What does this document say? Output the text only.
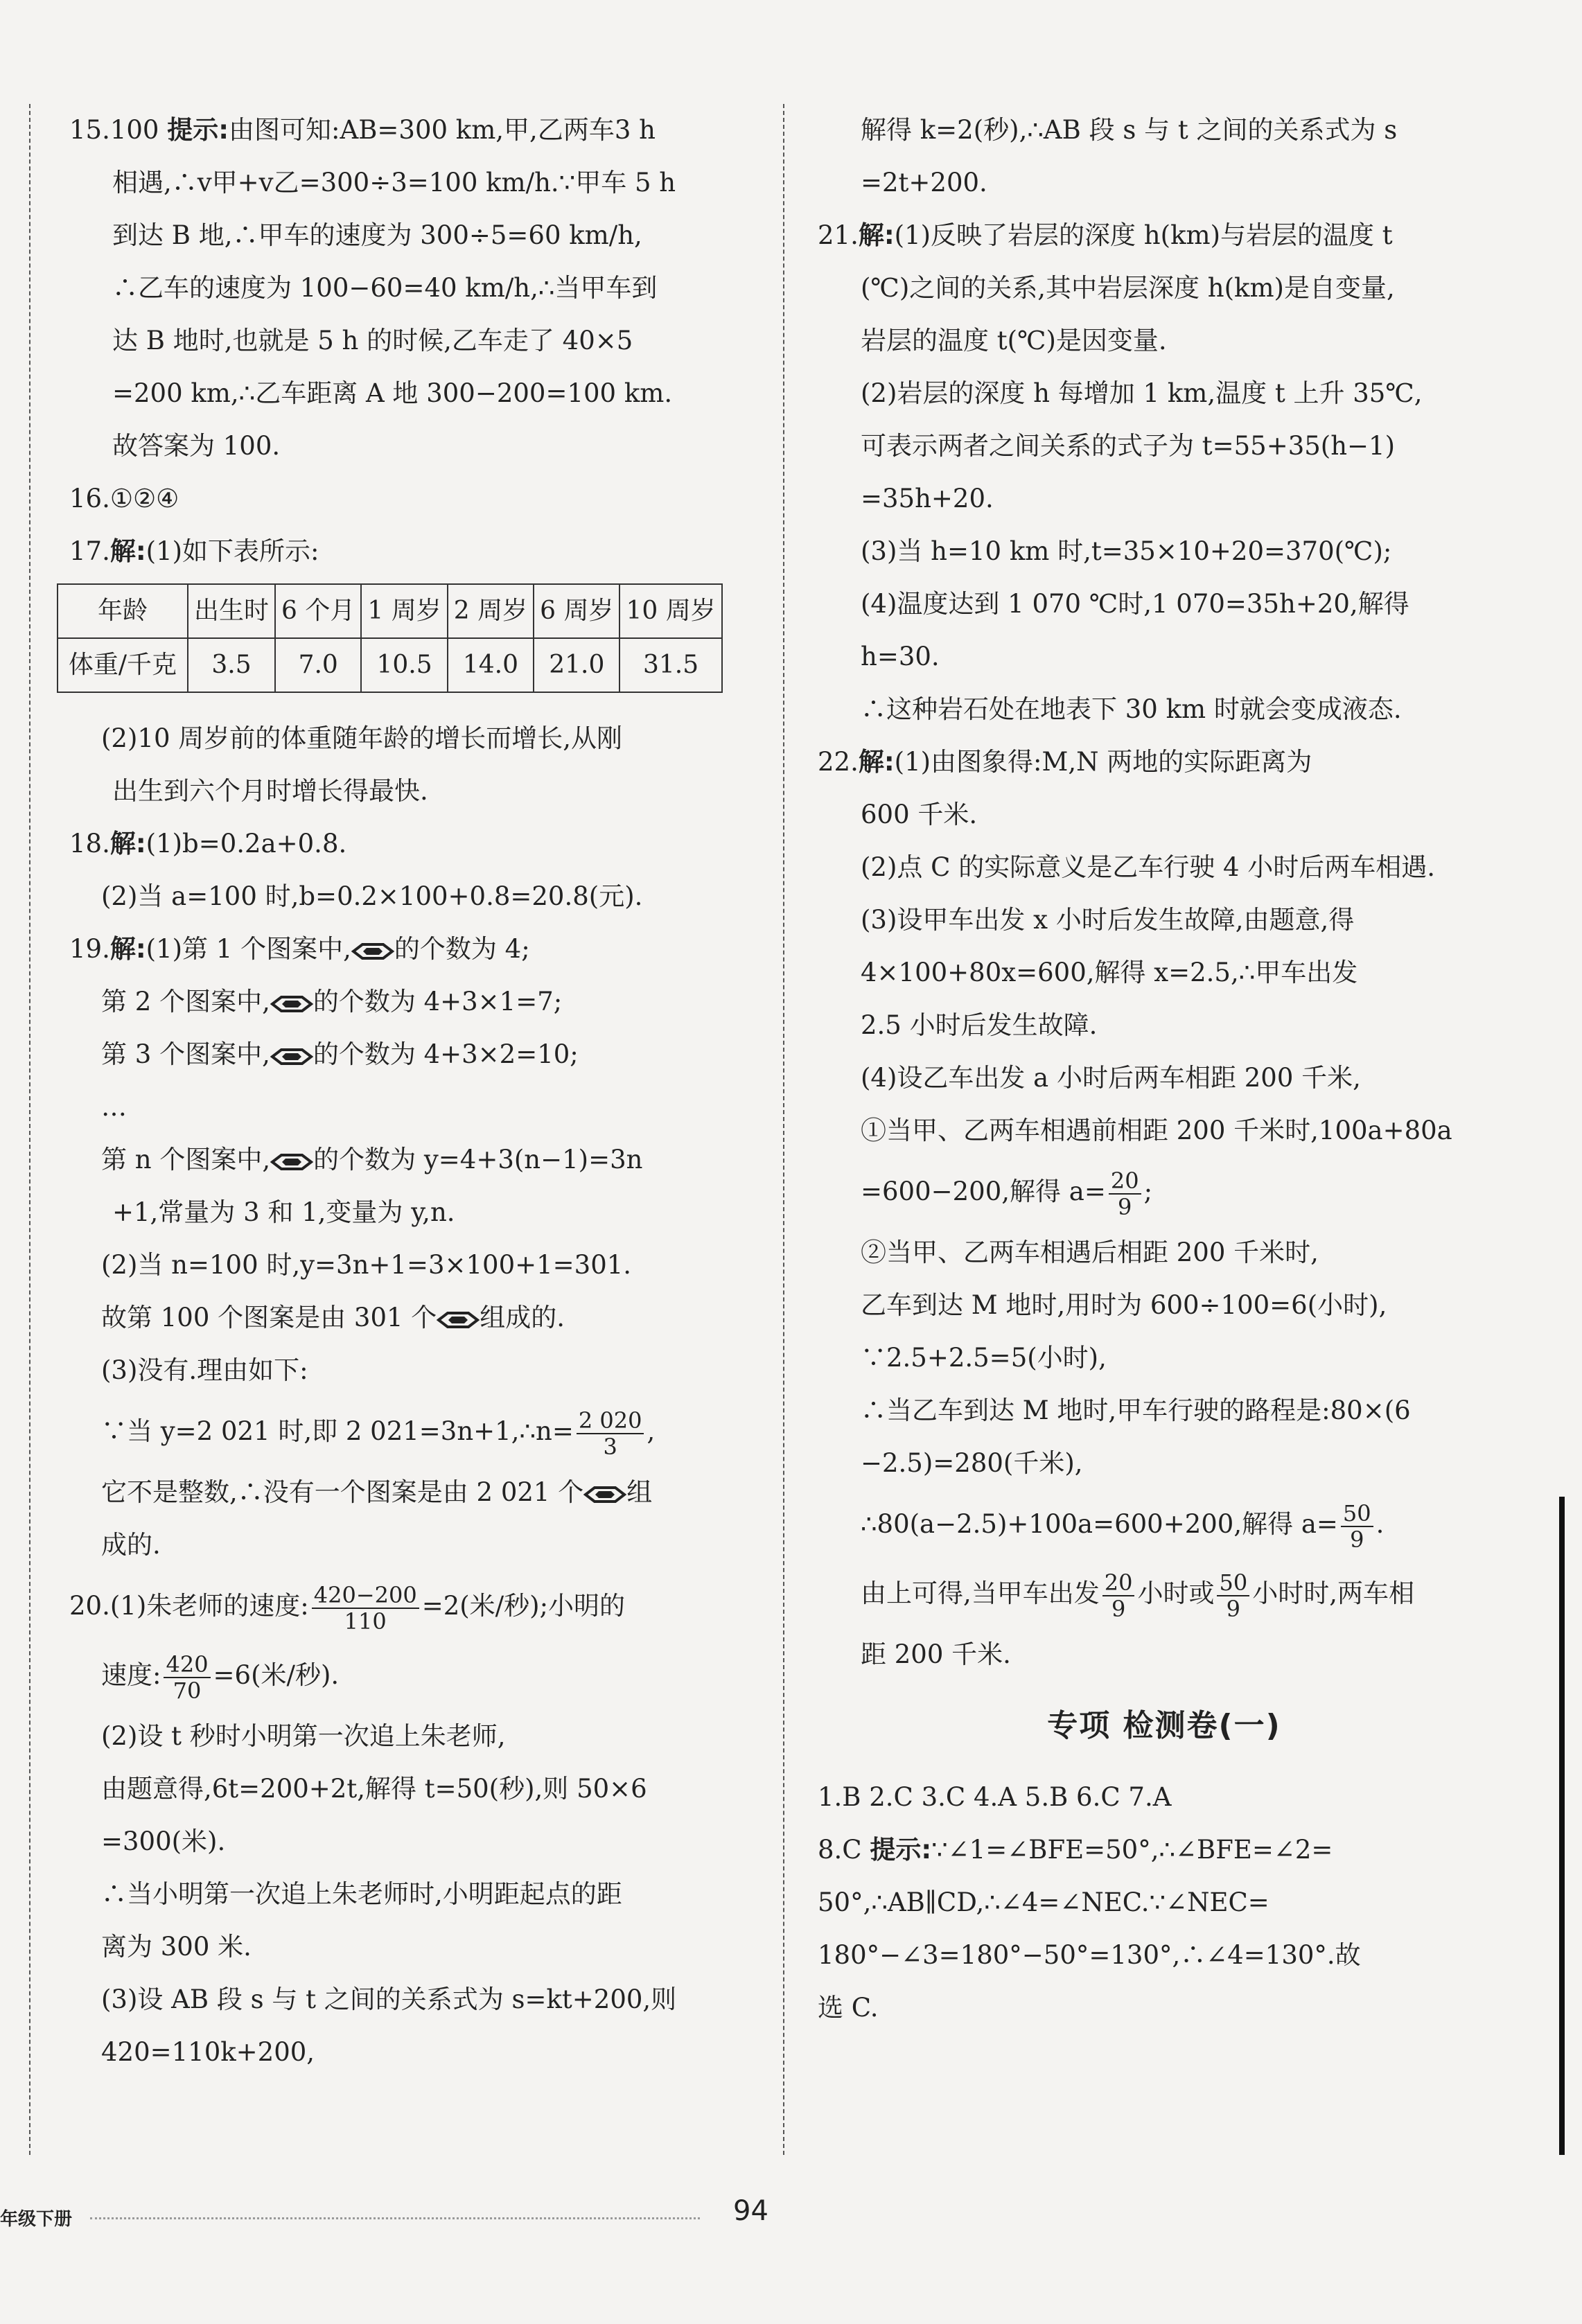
15.100 提示:由图可知:AB=300 km,甲,乙两车3 h
相遇,∴v甲+v乙=300÷3=100 km/h.∵甲车 5 h
到达 B 地,∴甲车的速度为 300÷5=60 km/h,
∴乙车的速度为 100−60=40 km/h,∴当甲车到
达 B 地时,也就是 5 h 的时候,乙车走了 40×5
=200 km,∴乙车距离 A 地 300−200=100 km.
故答案为 100.
16.①②④
17.解:(1)如下表所示:
年龄	出生时	6 个月	1 周岁	2 周岁	6 周岁	10 周岁
体重/千克	3.5	7.0	10.5	14.0	21.0	31.5
(2)10 周岁前的体重随年龄的增长而增长,从刚
出生到六个月时增长得最快.
18.解:(1)b=0.2a+0.8.
(2)当 a=100 时,b=0.2×100+0.8=20.8(元).
19.解:(1)第 1 个图案中, 的个数为 4;
第 2 个图案中, 的个数为 4+3×1=7;
第 3 个图案中, 的个数为 4+3×2=10;
…
第 n 个图案中, 的个数为 y=4+3(n−1)=3n
+1,常量为 3 和 1,变量为 y,n.
(2)当 n=100 时,y=3n+1=3×100+1=301.
故第 100 个图案是由 301 个 组成的.
(3)没有.理由如下:
∵当 y=2 021 时,即 2 021=3n+1,∴n= $\frac{2 020}{3}$ ,
它不是整数,∴没有一个图案是由 2 021 个 组
成的.
20.(1)朱老师的速度: $\frac{420-200}{110} =2$(米/秒);小明的
速度: $\frac{420}{70} =6$(米/秒).
(2)设 t 秒时小明第一次追上朱老师,
由题意得,6t=200+2t,解得 t=50(秒),则 50×6
=300(米).
∴当小明第一次追上朱老师时,小明距起点的距
离为 300 米.
(3)设 AB 段 s 与 t 之间的关系式为 s=kt+200,则
420=110k+200,
解得 k=2(秒),∴AB 段 s 与 t 之间的关系式为 s
=2t+200.
21.解:(1)反映了岩层的深度 h(km)与岩层的温度 t
(℃)之间的关系,其中岩层深度 h(km)是自变量,
岩层的温度 t(℃)是因变量.
(2)岩层的深度 h 每增加 1 km,温度 t 上升 35℃,
可表示两者之间关系的式子为 t=55+35(h−1)
=35h+20.
(3)当 h=10 km 时,t=35×10+20=370(℃);
(4)温度达到 1 070 ℃时,1 070=35h+20,解得
h=30.
∴这种岩石处在地表下 30 km 时就会变成液态.
22.解:(1)由图象得:M,N 两地的实际距离为
600 千米.
(2)点 C 的实际意义是乙车行驶 4 小时后两车相遇.
(3)设甲车出发 x 小时后发生故障,由题意,得
4×100+80x=600,解得 x=2.5,∴甲车出发
2.5 小时后发生故障.
(4)设乙车出发 a 小时后两车相距 200 千米,
①当甲、乙两车相遇前相距 200 千米时,100a+80a
=600−200,解得 $a= \frac{20}{9}$ ;
②当甲、乙两车相遇后相距 200 千米时,
乙车到达 M 地时,用时为 600÷100=6(小时),
∵2.5+2.5=5(小时),
∴当乙车到达 M 地时,甲车行驶的路程是:80×(6
−2.5)=280(千米),
∴80(a−2.5)+100a=600+200,解得 $a= \frac{50}{9}$ .
由上可得,当甲车出发 $\frac{20}{9}$ 小时或 $\frac{50}{9}$ 小时时,两车相
距 200 千米.
专项 检测卷(一)
1.B 2.C 3.C 4.A 5.B 6.C 7.A
8.C 提示:∵∠1=∠BFE=50°,∴∠BFE=∠2=
50°,∴AB∥CD,∴∠4=∠NEC.∵∠NEC=
180°−∠3=180°−50°=130°,∴∠4=130°.故
选 C.
年级下册	94
